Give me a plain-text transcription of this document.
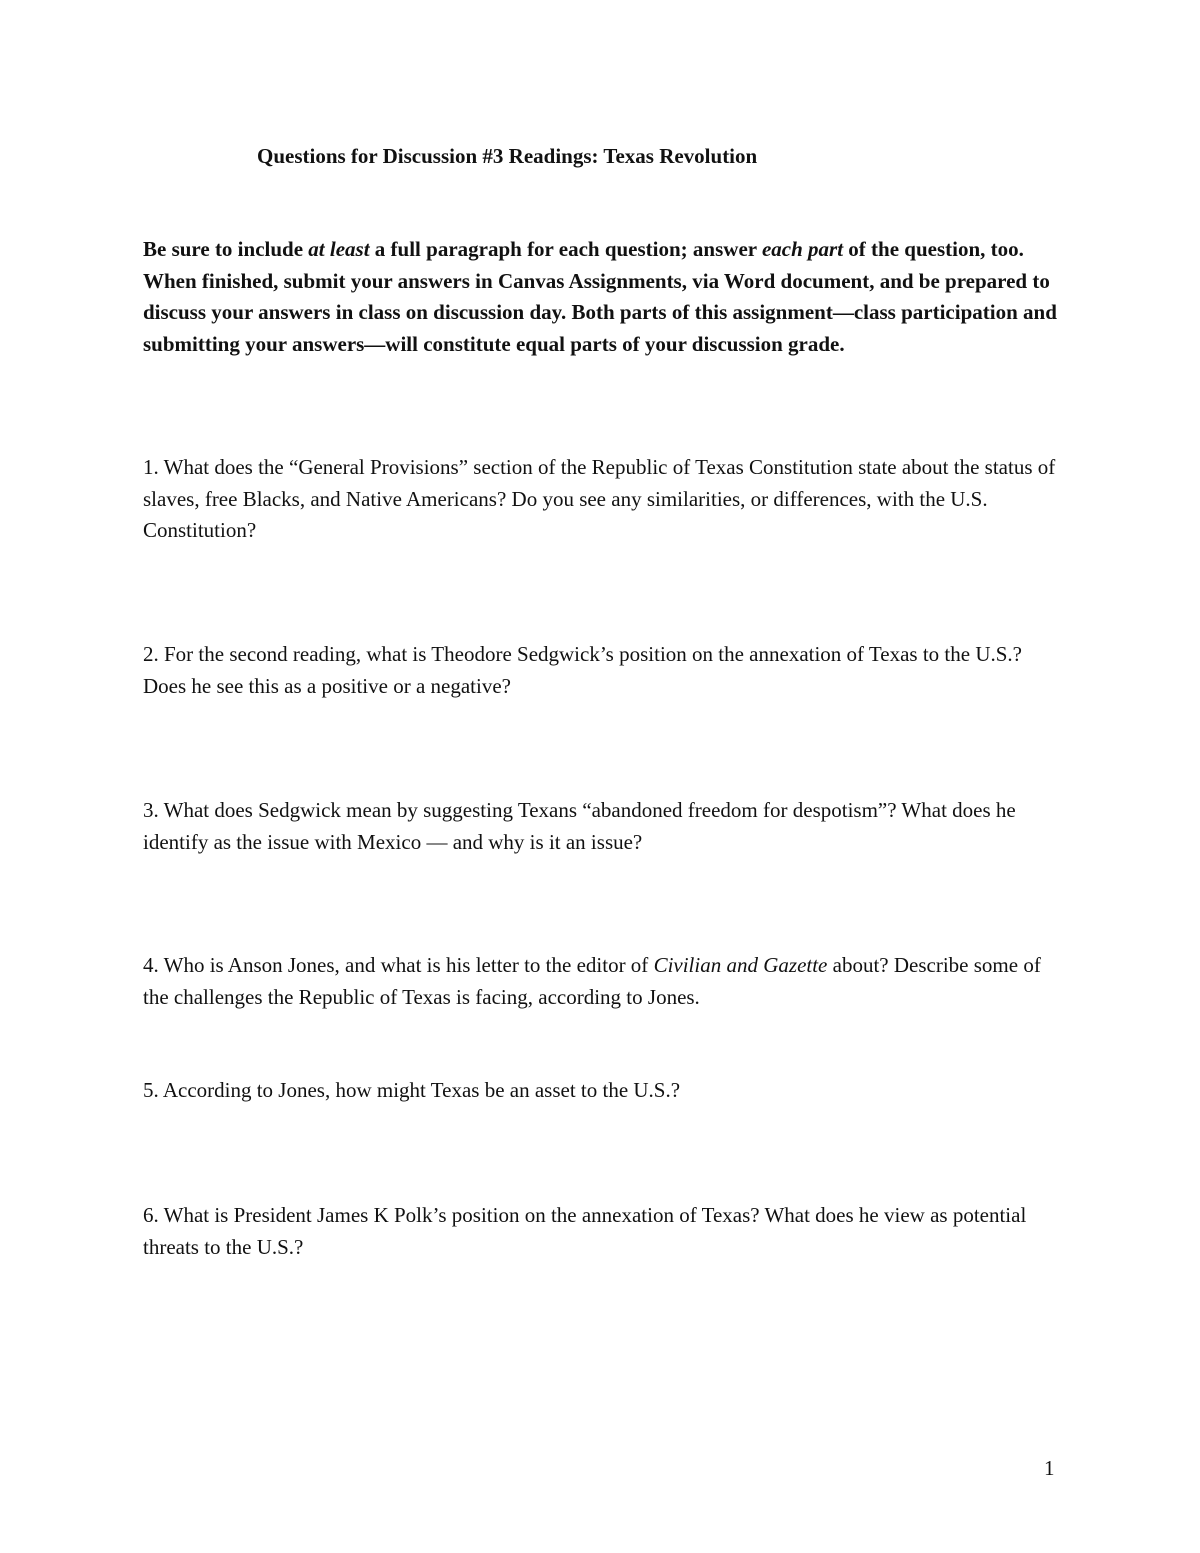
Questions for Discussion #3 Readings: Texas Revolution
Be sure to include at least a full paragraph for each question; answer each part of the question, too. When finished, submit your answers in Canvas Assignments, via Word document, and be prepared to discuss your answers in class on discussion day. Both parts of this assignment—class participation and submitting your answers—will constitute equal parts of your discussion grade.
1. What does the “General Provisions” section of the Republic of Texas Constitution state about the status of slaves, free Blacks, and Native Americans? Do you see any similarities, or differences, with the U.S. Constitution?
2. For the second reading, what is Theodore Sedgwick’s position on the annexation of Texas to the U.S.? Does he see this as a positive or a negative?
3. What does Sedgwick mean by suggesting Texans “abandoned freedom for despotism”? What does he identify as the issue with Mexico — and why is it an issue?
4. Who is Anson Jones, and what is his letter to the editor of Civilian and Gazette about? Describe some of the challenges the Republic of Texas is facing, according to Jones.
5. According to Jones, how might Texas be an asset to the U.S.?
6. What is President James K Polk’s position on the annexation of Texas? What does he view as potential threats to the U.S.?
1
